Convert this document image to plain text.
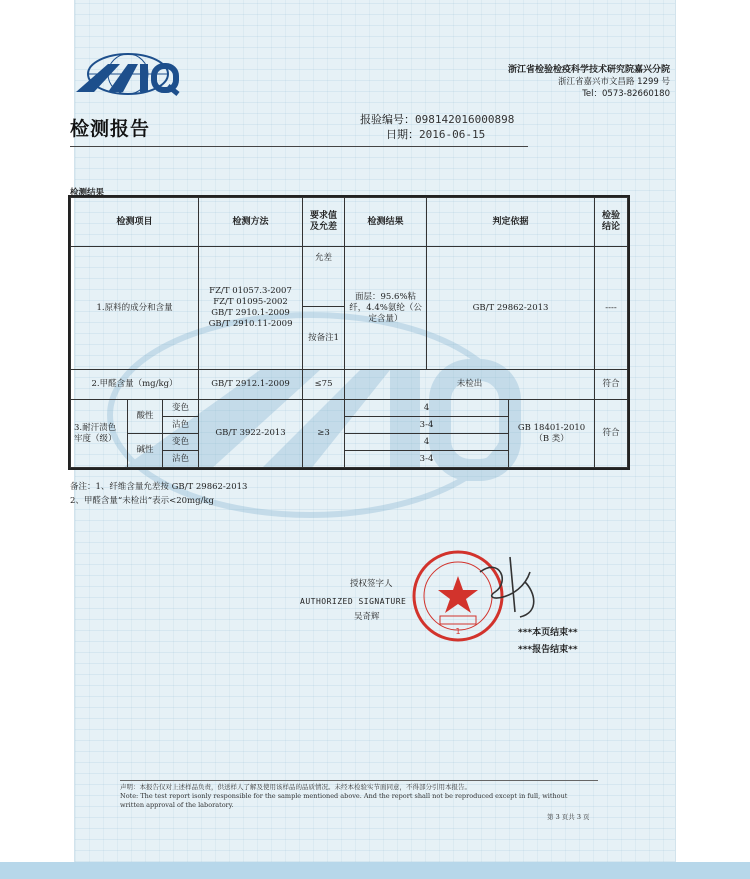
浙江省检验检疫科学技术研究院嘉兴分院
浙江省嘉兴市文昌路 1299 号
Tel：0573-82660180
检测报告	报验编号：098142016000898
日期：2016-06-15
检测结果
检测项目			检测方法	要求值及允差	检测结果	判定依据		检验结论
1.原料的成分和含量			FZ/T 01057.3-2007 FZ/T 01095-2002 GB/T 2910.1-2009 GB/T 2910.11-2009	允差	面层：95.6%粘纤，4.4%氨纶（公定含量）	GB/T 29862-2013		----
				按备注1				
2.甲醛含量（mg/kg）			GB/T 2912.1-2009	≤75	未检出			符合
3.耐汗渍色牢度（级）	酸性	变色	GB/T 3922-2013	≥3	4		GB 18401-2010（B 类）	符合
		沾色			3-4			
	碱性	变色			4			
		沾色			3-4			
备注：1、纤维含量允差按 GB/T 29862-2013
2、甲醛含量“未检出”表示<20mg/kg
授权签字人
AUTHORIZED SIGNATURE
吴奇辉
1	***本页结束**
***报告结束**
声明：本报告仅对上述样品负责，供送样人了解及使用该样品的品质情况。未经本检验实节面同意，不得部分引用本报告。
Note: The test report isonly responsible for the sample mentioned above. And the report shall not be reproduced except in full, without written approval of the laboratory.
第 3 页共 3 页
